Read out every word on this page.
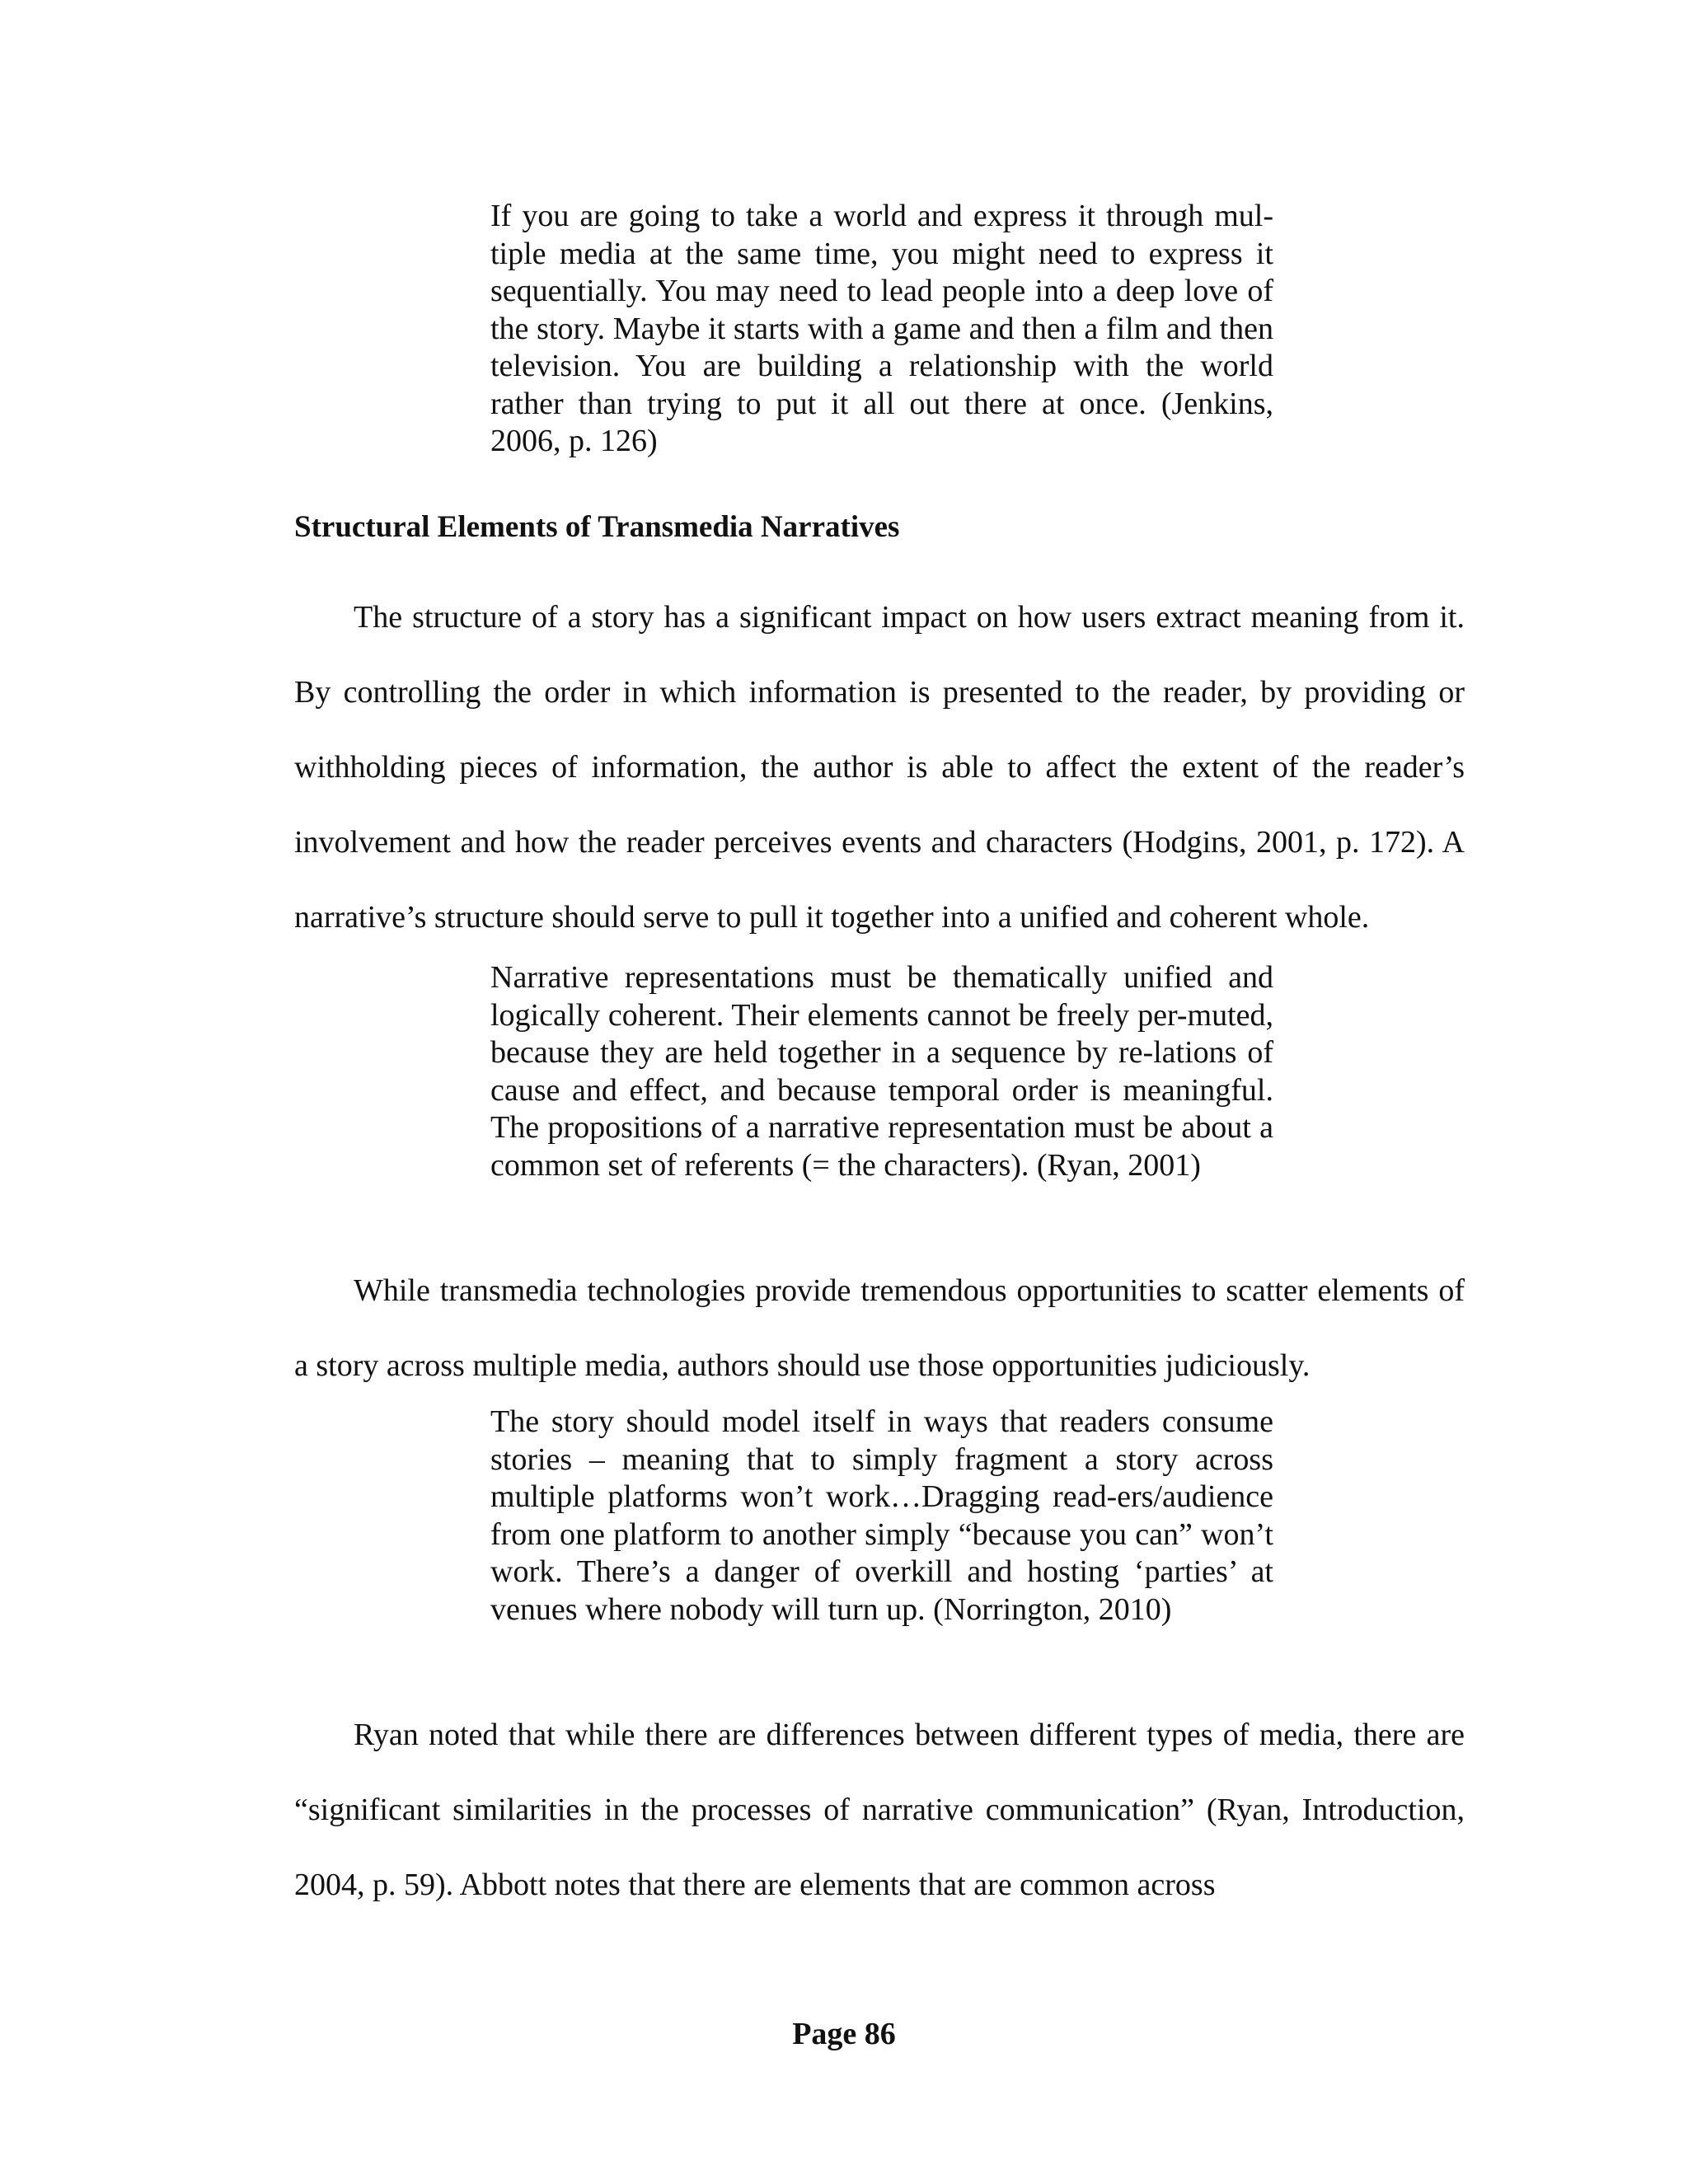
If you are going to take a world and express it through mul-tiple media at the same time, you might need to express it sequentially. You may need to lead people into a deep love of the story. Maybe it starts with a game and then a film and then television. You are building a relationship with the world rather than trying to put it all out there at once. (Jenkins, 2006, p. 126)

Structural Elements of Transmedia Narratives

The structure of a story has a significant impact on how users extract meaning from it. By controlling the order in which information is presented to the reader, by providing or withholding pieces of information, the author is able to affect the extent of the reader’s involvement and how the reader perceives events and characters (Hodgins, 2001, p. 172). A narrative’s structure should serve to pull it together into a unified and coherent whole.

Narrative representations must be thematically unified and logically coherent. Their elements cannot be freely per-muted, because they are held together in a sequence by re-lations of cause and effect, and because temporal order is meaningful. The propositions of a narrative representation must be about a common set of referents (= the characters). (Ryan, 2001)

While transmedia technologies provide tremendous opportunities to scatter elements of a story across multiple media, authors should use those opportunities judiciously.

The story should model itself in ways that readers consume stories – meaning that to simply fragment a story across multiple platforms won’t work…Dragging read-ers/audience from one platform to another simply “because you can” won’t work. There’s a danger of overkill and hosting ‘parties’ at venues where nobody will turn up. (Norrington, 2010)

Ryan noted that while there are differences between different types of media, there are “significant similarities in the processes of narrative communication” (Ryan, Introduction, 2004, p. 59). Abbott notes that there are elements that are common across

Page 86
